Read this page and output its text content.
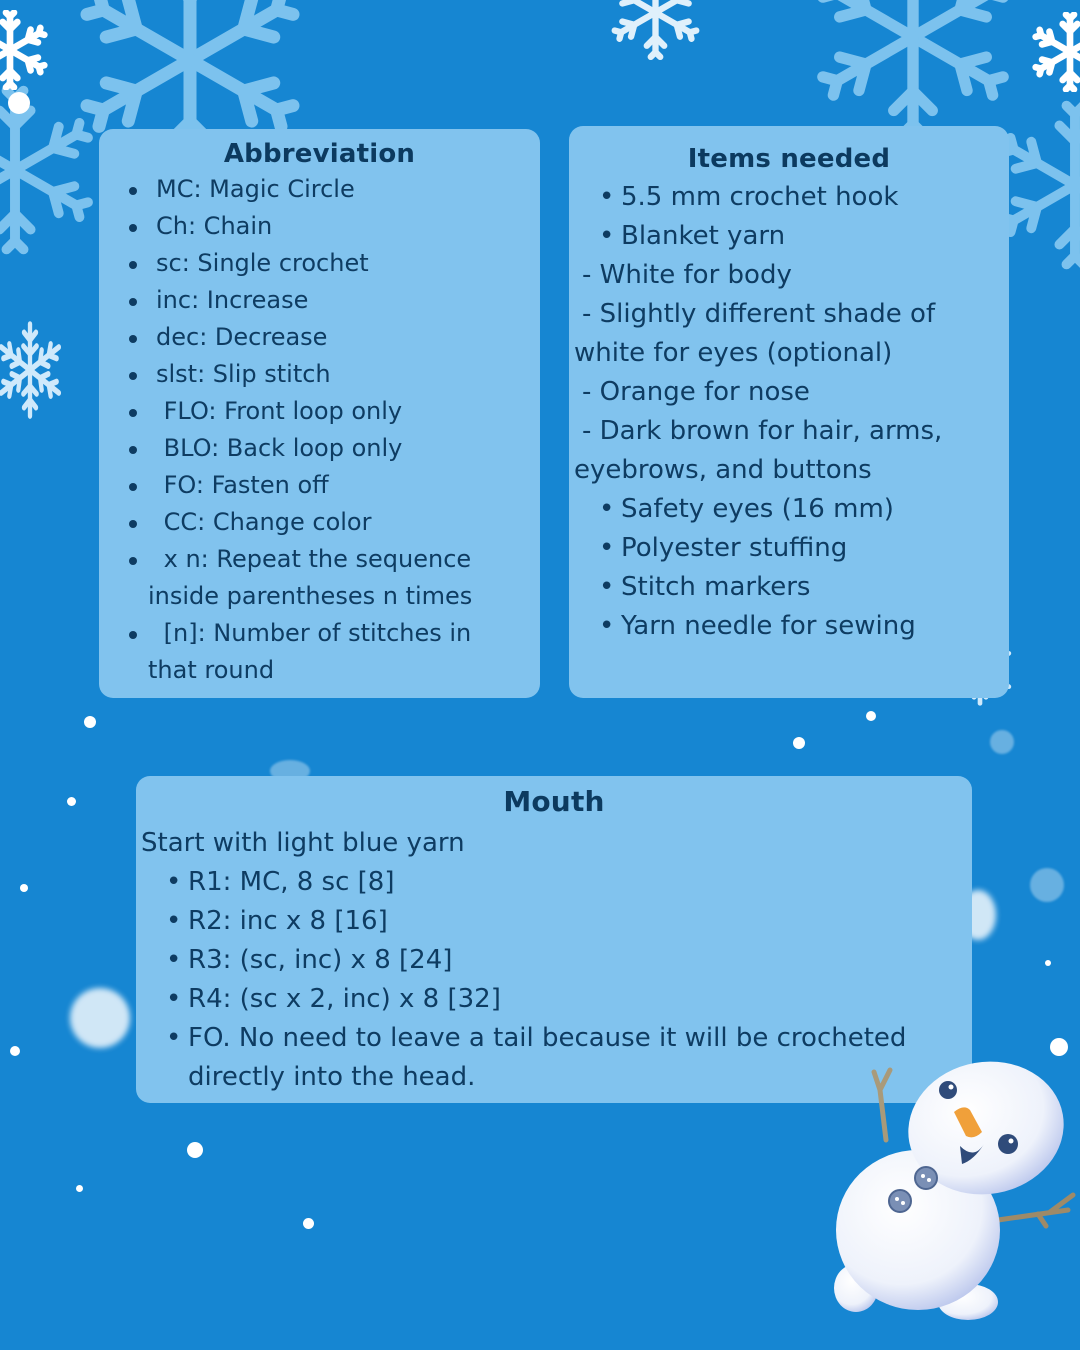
Abbreviation
MC: Magic Circle
Ch: Chain
sc: Single crochet
inc: Increase
dec: Decrease
slst: Slip stitch
FLO: Front loop only
BLO: Back loop only
FO: Fasten off
CC: Change color
x n: Repeat the sequence
inside parentheses n times
[n]: Number of stitches in
that round
Items needed
• 5.5 mm crochet hook
• Blanket yarn
- White for body
- Slightly different shade of
white for eyes (optional)
- Orange for nose
- Dark brown for hair, arms,
eyebrows, and buttons
• Safety eyes (16 mm)
• Polyester stuffing
• Stitch markers
• Yarn needle for sewing
Mouth
Start with light blue yarn
• R1: MC, 8 sc [8]
• R2: inc x 8 [16]
• R3: (sc, inc) x 8 [24]
• R4: (sc x 2, inc) x 8 [32]
• FO. No need to leave a tail because it will be crocheted
directly into the head.
